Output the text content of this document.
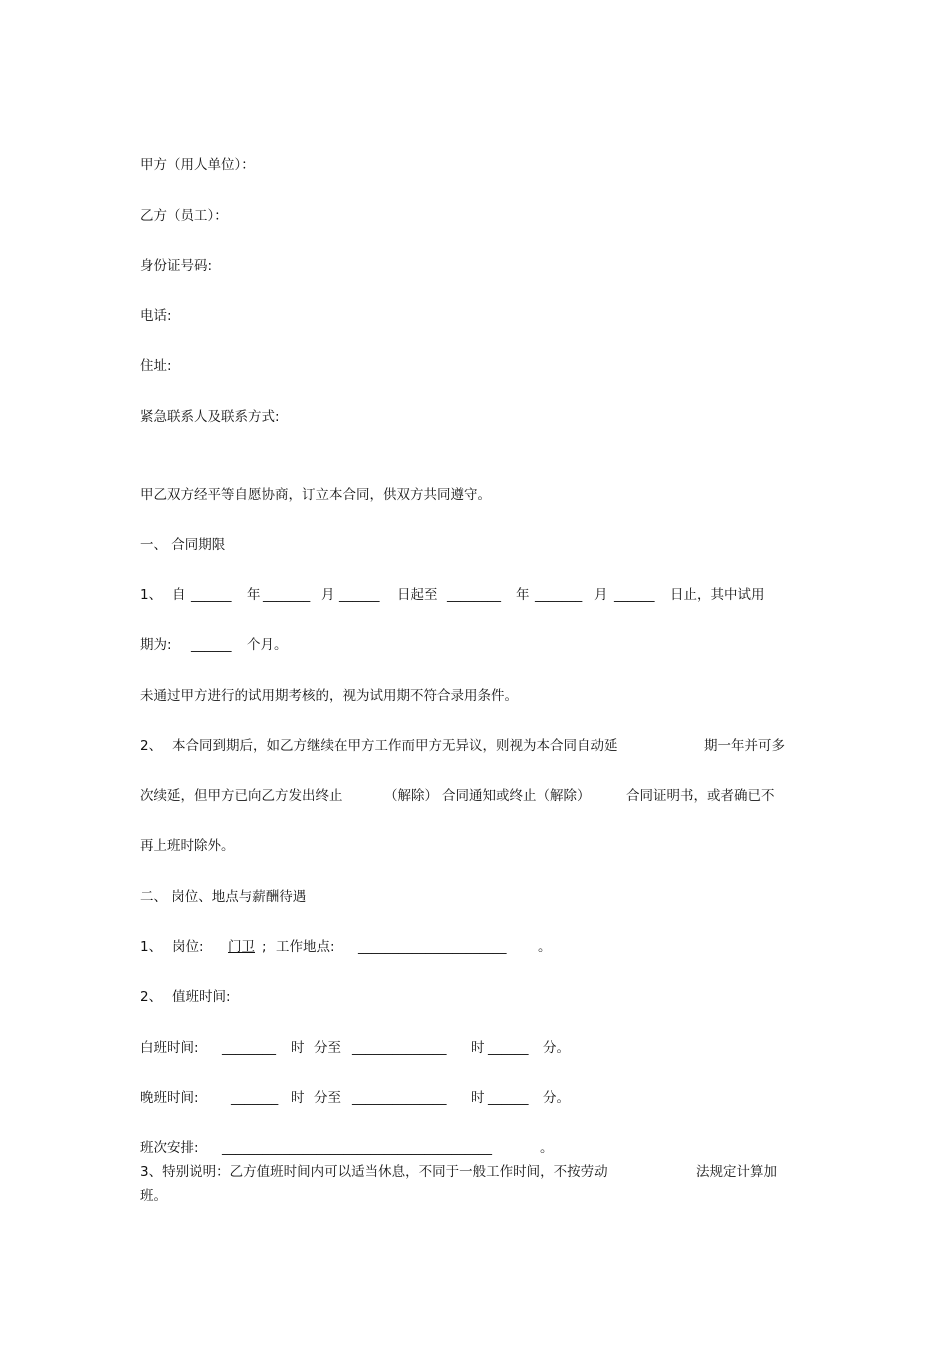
甲方（用人单位）：
乙方（员工）：
身份证号码:
电话:
住址:
紧急联系人及联系方式:
甲乙双方经平等自愿协商，订立本合同，供双方共同遵守。
一、 合同期限
1、 自 ______ 年 _______ 月 ______ 日起至 ________ 年 _______ 月 ______ 日止，其中试用
期为: ______ 个月。
未通过甲方进行的试用期考核的，视为试用期不符合录用条件。
2、 本合同到期后，如乙方继续在甲方工作而甲方无异议，则视为本合同自动延	期一年并可多
次续延，但甲方已向乙方发出终止	（解除） 合同通知或终止（解除）	合同证明书，或者确已不
再上班时除外。
二、 岗位、地点与薪酬待遇
1、 岗位: 门卫 ; 工作地点: ______________________ 。
2、 值班时间:
白班时间: ________ 时 分至 ______________ 时 ______ 分。
晚班时间: _______ 时 分至 ______________ 时 ______ 分。
班次安排: ________________________________________	。
3、特别说明：乙方值班时间内可以适当休息，不同于一般工作时间，不按劳动	法规定计算加
班。
